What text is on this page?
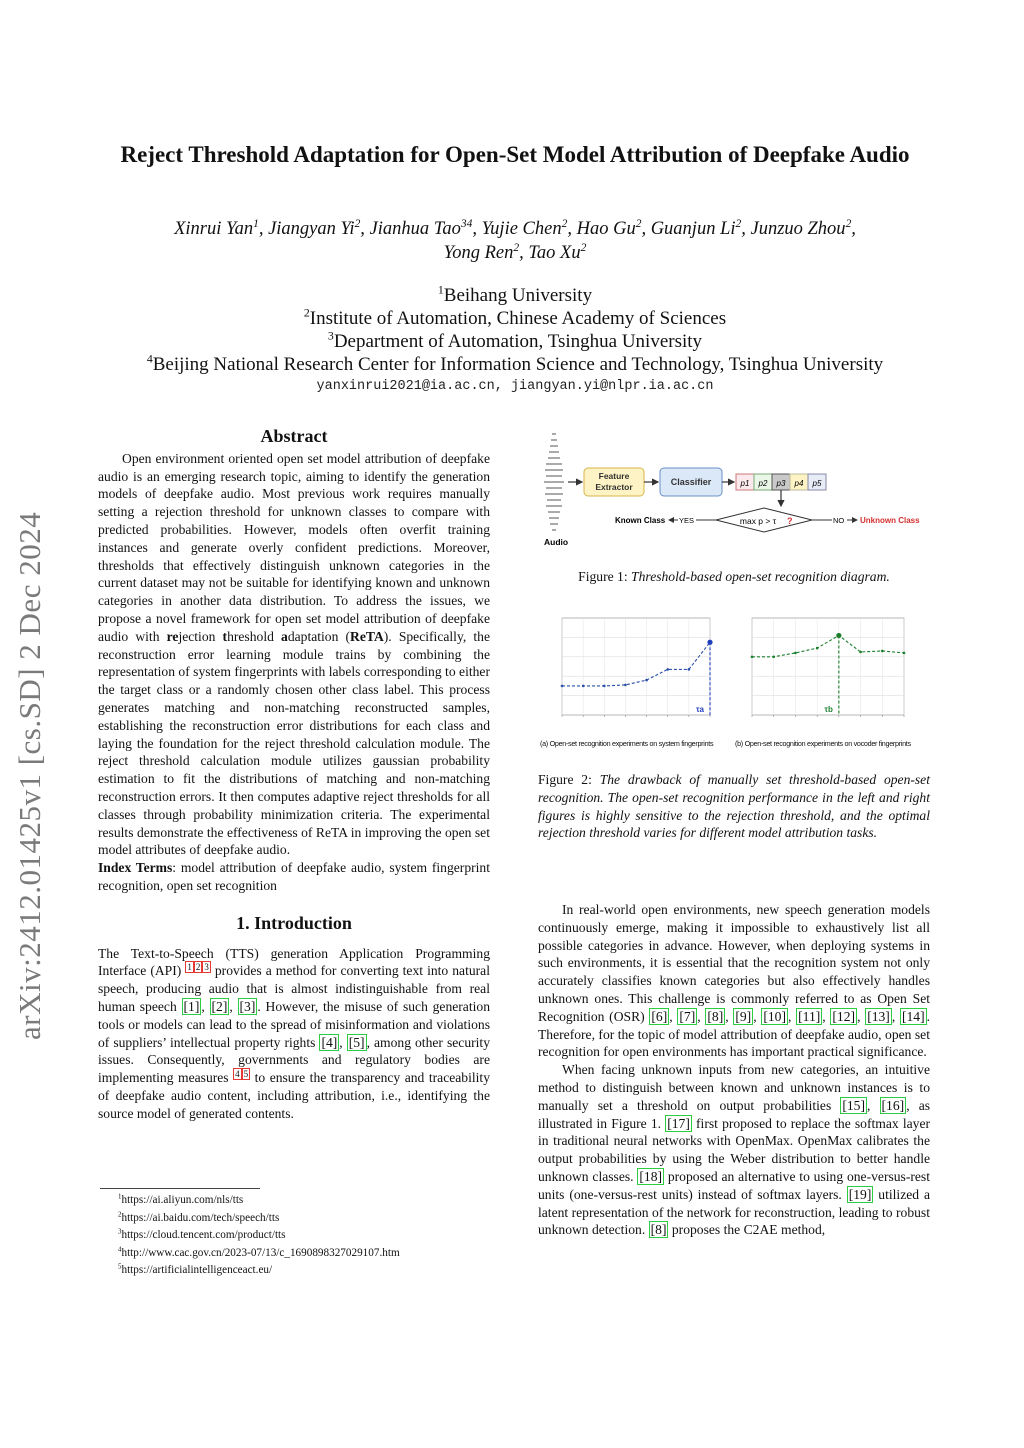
arXiv:2412.01425v1 [cs.SD] 2 Dec 2024
Reject Threshold Adaptation for Open-Set Model Attribution of Deepfake Audio
Xinrui Yan$^1$, Jiangyan Yi$^2$, Jianhua Tao$^{34}$, Yujie Chen$^2$, Hao Gu$^2$, Guanjun Li$^2$, Junzuo Zhou$^2$,
Yong Ren$^2$, Tao Xu$^2$
$^1$Beihang University
$^2$Institute of Automation, Chinese Academy of Sciences
$^3$Department of Automation, Tsinghua University
$^4$Beijing National Research Center for Information Science and Technology, Tsinghua University
yanxinrui2021@ia.ac.cn, jiangyan.yi@nlpr.ia.ac.cn
Abstract

Open environment oriented open set model attribution of deepfake audio is an emerging research topic, aiming to identify the generation models of deepfake audio. Most previous work requires manually setting a rejection threshold for unknown classes to compare with predicted probabilities. However, models often overfit training instances and generate overly confident predictions. Moreover, thresholds that effectively distinguish unknown categories in the current dataset may not be suitable for identifying known and unknown categories in another data distribution. To address the issues, we propose a novel framework for open set model attribution of deepfake audio with rejection threshold adaptation (ReTA). Specifically, the reconstruction error learning module trains by combining the representation of system fingerprints with labels corresponding to either the target class or a randomly chosen other class label. This process generates matching and non-matching reconstructed samples, establishing the reconstruction error distributions for each class and laying the foundation for the reject threshold calculation module. The reject threshold calculation module utilizes gaussian probability estimation to fit the distributions of matching and non-matching reconstruction errors. It then computes adaptive reject thresholds for all classes through probability minimization criteria. The experimental results demonstrate the effectiveness of ReTA in improving the open set model attributes of deepfake audio.

Index Terms: model attribution of deepfake audio, system fingerprint recognition, open set recognition

1. Introduction

The Text-to-Speech (TTS) generation Application Programming Interface (API) $^1$ $^2$ $^3$ provides a method for converting text into natural speech, producing audio that is almost indistinguishable from real human speech [1] , [2] , [3] . However, the misuse of such generation tools or models can lead to the spread of misinformation and violations of suppliers’ intellectual property rights [4] , [5] , among other security issues. Consequently, governments and regulatory bodies are implementing measures $^4$ $^5$ to ensure the transparency and traceability of deepfake audio content, including attribution, i.e., identifying the source model of generated contents.

$^1$https://ai.aliyun.com/nls/tts
$^2$https://ai.baidu.com/tech/speech/tts
$^3$https://cloud.tencent.com/product/tts
$^4$http://www.cac.gov.cn/2023-07/13/c_1690898327029107.htm
$^5$https://artificialintelligenceact.eu/
Audio
Feature
Extractor	Classifier	p1 p2 p3 p4 p5
max p > τ ?
Known Class YES	NO Unknown Class
Figure 1: Threshold-based open-set recognition diagram.
τa	τb
(a) Open-set recognition experiments on system fingerprints	(b) Open-set recognition experiments on vocoder fingerprints
Figure 2: The drawback of manually set threshold-based open-set recognition. The open-set recognition performance in the left and right figures is highly sensitive to the rejection threshold, and the optimal rejection threshold varies for different model attribution tasks.

In real-world open environments, new speech generation models continuously emerge, making it impossible to exhaustively list all possible categories in advance. However, when deploying systems in such environments, it is essential that the recognition system not only accurately classifies known categories but also effectively handles unknown ones. This challenge is commonly referred to as Open Set Recognition (OSR) [6] , [7] , [8] , [9] , [10] , [11] , [12] , [13] , [14] . Therefore, for the topic of model attribution of deepfake audio, open set recognition for open environments has important practical significance.

When facing unknown inputs from new categories, an intuitive method to distinguish between known and unknown instances is to manually set a threshold on output probabilities [15] , [16] , as illustrated in Figure 1. [17] first proposed to replace the softmax layer in traditional neural networks with OpenMax. OpenMax calibrates the output probabilities by using the Weber distribution to better handle unknown classes. [18] proposed an alternative to using one-versus-rest units (one-versus-rest units) instead of softmax layers. [19] utilized a latent representation of the network for reconstruction, leading to robust unknown detection. [8] proposes the C2AE method,
